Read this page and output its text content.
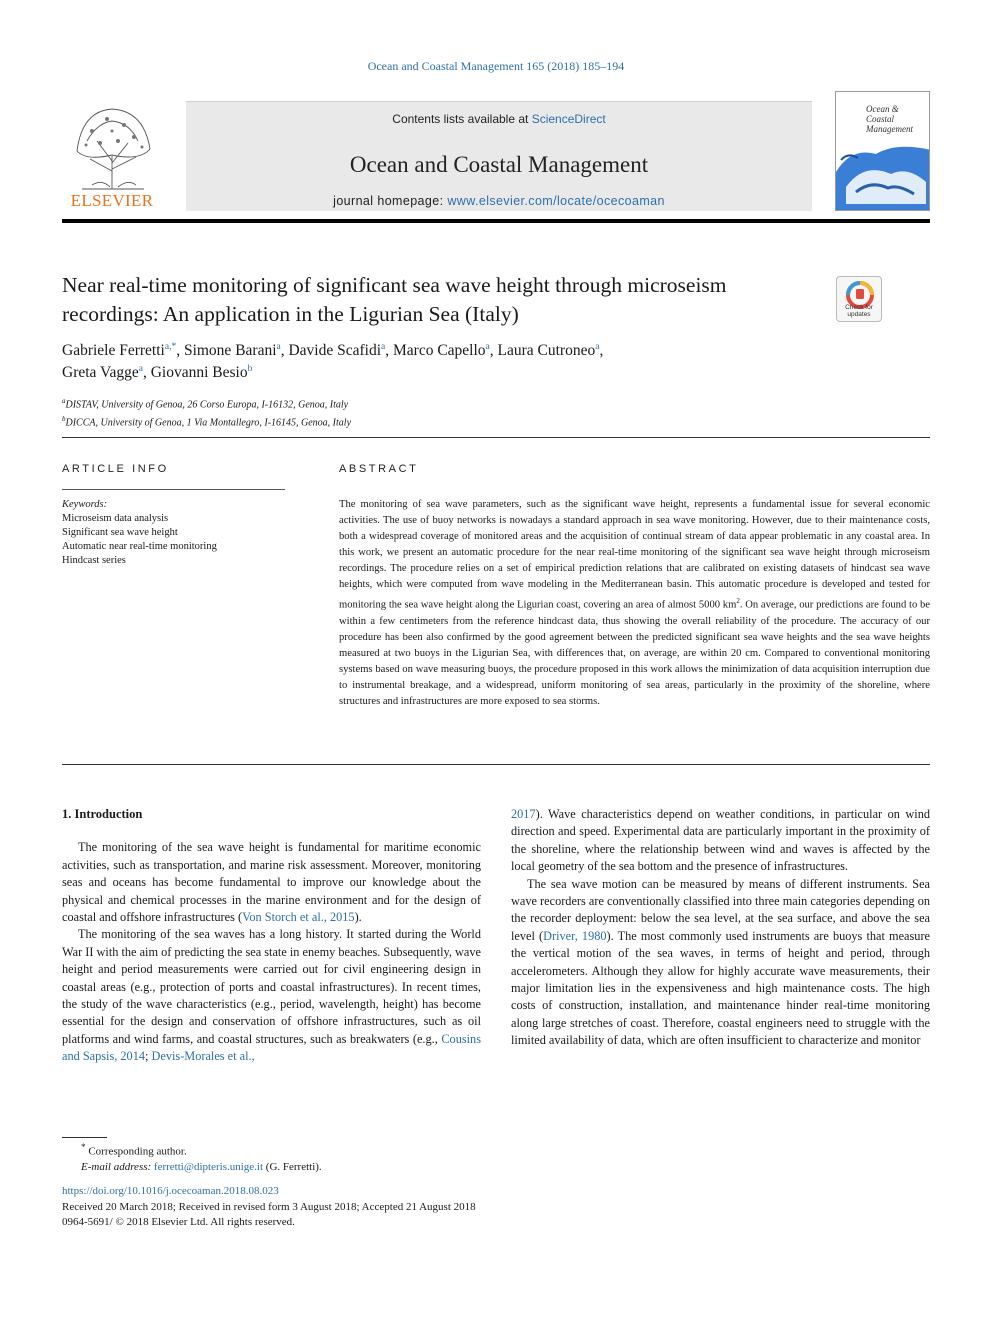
Ocean and Coastal Management 165 (2018) 185–194
ELSEVIER
Contents lists available at ScienceDirect
Ocean and Coastal Management
journal homepage: www.elsevier.com/locate/ocecoaman
Ocean & Coastal Management
Near real-time monitoring of significant sea wave height through microseism recordings: An application in the Ligurian Sea (Italy)	Check for updates
Gabriele Ferretti$^{a,*}$, Simone Barani$^a$, Davide Scafidi$^a$, Marco Capello$^a$, Laura Cutroneo$^a$,
Greta Vagge$^a$, Giovanni Besio$^b$
$^a$DISTAV, University of Genoa, 26 Corso Europa, I-16132, Genoa, Italy
$^b$DICCA, University of Genoa, 1 Via Montallegro, I-16145, Genoa, Italy
ARTICLE INFO	ABSTRACT
Keywords:
Microseism data analysis
Significant sea wave height
Automatic near real-time monitoring
Hindcast series
The monitoring of sea wave parameters, such as the significant wave height, represents a fundamental issue for several economic activities. The use of buoy networks is nowadays a standard approach in sea wave monitoring. However, due to their maintenance costs, both a widespread coverage of monitored areas and the acquisition of continual stream of data appear problematic in any coastal area. In this work, we present an automatic procedure for the near real-time monitoring of the significant sea wave height through microseism recordings. The procedure relies on a set of empirical prediction relations that are calibrated on existing datasets of hindcast sea wave heights, which were computed from wave modeling in the Mediterranean basin. This automatic procedure is developed and tested for monitoring the sea wave height along the Ligurian coast, covering an area of almost 5000 $km^2$. On average, our predictions are found to be within a few centimeters from the reference hindcast data, thus showing the overall reliability of the procedure. The accuracy of our procedure has been also confirmed by the good agreement between the predicted significant sea wave heights and the sea wave heights measured at two buoys in the Ligurian Sea, with differences that, on average, are within 20 cm. Compared to conventional monitoring systems based on wave measuring buoys, the procedure proposed in this work allows the minimization of data acquisition interruption due to instrumental breakage, and a widespread, uniform monitoring of sea areas, particularly in the proximity of the shoreline, where structures and infrastructures are more exposed to sea storms.
1. Introduction

The monitoring of the sea wave height is fundamental for maritime economic activities, such as transportation, and marine risk assessment. Moreover, monitoring seas and oceans has become fundamental to improve our knowledge about the physical and chemical processes in the marine environment and for the design of coastal and offshore infrastructures (Von Storch et al., 2015).

The monitoring of the sea waves has a long history. It started during the World War II with the aim of predicting the sea state in enemy beaches. Subsequently, wave height and period measurements were carried out for civil engineering design in coastal areas (e.g., protection of ports and coastal infrastructures). In recent times, the study of the wave characteristics (e.g., period, wavelength, height) has become essential for the design and conservation of offshore infrastructures, such as oil platforms and wind farms, and coastal structures, such as breakwaters (e.g., Cousins and Sapsis, 2014; Devis-Morales et al.,

2017). Wave characteristics depend on weather conditions, in particular on wind direction and speed. Experimental data are particularly important in the proximity of the shoreline, where the relationship between wind and waves is affected by the local geometry of the sea bottom and the presence of infrastructures.

The sea wave motion can be measured by means of different instruments. Sea wave recorders are conventionally classified into three main categories depending on the recorder deployment: below the sea level, at the sea surface, and above the sea level (Driver, 1980). The most commonly used instruments are buoys that measure the vertical motion of the sea waves, in terms of height and period, through accelerometers. Although they allow for highly accurate wave measurements, their major limitation lies in the expensiveness and high maintenance costs. The high costs of construction, installation, and maintenance hinder real-time monitoring along large stretches of coast. Therefore, coastal engineers need to struggle with the limited availability of data, which are often insufficient to characterize and monitor

* Corresponding author.
E-mail address: ferretti@dipteris.unige.it (G. Ferretti).
https://doi.org/10.1016/j.ocecoaman.2018.08.023
Received 20 March 2018; Received in revised form 3 August 2018; Accepted 21 August 2018
0964-5691/ © 2018 Elsevier Ltd. All rights reserved.
